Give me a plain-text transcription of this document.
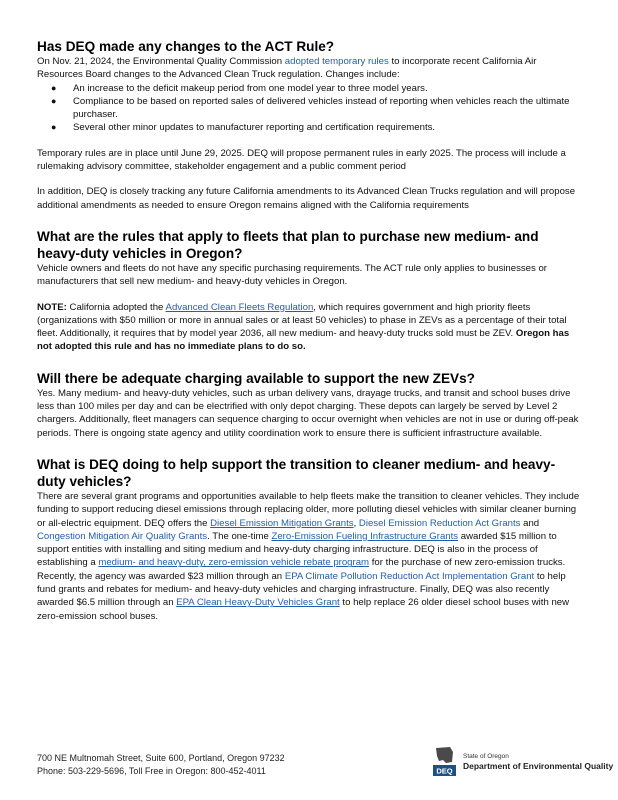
Has DEQ made any changes to the ACT Rule?

On Nov. 21, 2024, the Environmental Quality Commission adopted temporary rules to incorporate recent California Air Resources Board changes to the Advanced Clean Truck regulation. Changes include:

● An increase to the deficit makeup period from one model year to three model years.
● Compliance to be based on reported sales of delivered vehicles instead of reporting when vehicles reach the ultimate purchaser.
● Several other minor updates to manufacturer reporting and certification requirements.

Temporary rules are in place until June 29, 2025. DEQ will propose permanent rules in early 2025. The process will include a rulemaking advisory committee, stakeholder engagement and a public comment period

In addition, DEQ is closely tracking any future California amendments to its Advanced Clean Trucks regulation and will propose additional amendments as needed to ensure Oregon remains aligned with the California requirements

What are the rules that apply to fleets that plan to purchase new medium- and heavy-duty vehicles in Oregon?

Vehicle owners and fleets do not have any specific purchasing requirements. The ACT rule only applies to businesses or manufacturers that sell new medium- and heavy-duty vehicles in Oregon.

NOTE: California adopted the Advanced Clean Fleets Regulation, which requires government and high priority fleets (organizations with $50 million or more in annual sales or at least 50 vehicles) to phase in ZEVs as a percentage of their total fleet. Additionally, it requires that by model year 2036, all new medium- and heavy-duty trucks sold must be ZEV. Oregon has not adopted this rule and has no immediate plans to do so.

Will there be adequate charging available to support the new ZEVs?

Yes. Many medium- and heavy-duty vehicles, such as urban delivery vans, drayage trucks, and transit and school buses drive less than 100 miles per day and can be electrified with only depot charging. These depots can largely be served by Level 2 chargers. Additionally, fleet managers can sequence charging to occur overnight when vehicles are not in use or during off-peak periods. There is ongoing state agency and utility coordination work to ensure there is sufficient infrastructure available.

What is DEQ doing to help support the transition to cleaner medium- and heavy-duty vehicles?

There are several grant programs and opportunities available to help fleets make the transition to cleaner vehicles. They include funding to support reducing diesel emissions through replacing older, more polluting diesel vehicles with similar cleaner burning or all-electric equipment. DEQ offers the Diesel Emission Mitigation Grants, Diesel Emission Reduction Act Grants and Congestion Mitigation Air Quality Grants. The one-time Zero-Emission Fueling Infrastructure Grants awarded $15 million to support entities with installing and siting medium and heavy-duty charging infrastructure. DEQ is also in the process of establishing a medium- and heavy-duty, zero-emission vehicle rebate program for the purchase of new zero-emission trucks. Recently, the agency was awarded $23 million through an EPA Climate Pollution Reduction Act Implementation Grant to help fund grants and rebates for medium- and heavy-duty vehicles and charging infrastructure. Finally, DEQ was also recently awarded $6.5 million through an EPA Clean Heavy-Duty Vehicles Grant to help replace 26 older diesel school buses with new zero-emission school buses.

700 NE Multnomah Street, Suite 600, Portland, Oregon 97232
Phone: 503-229-5696, Toll Free in Oregon: 800-452-4011	DEQ
State of Oregon
Department of Environmental Quality
